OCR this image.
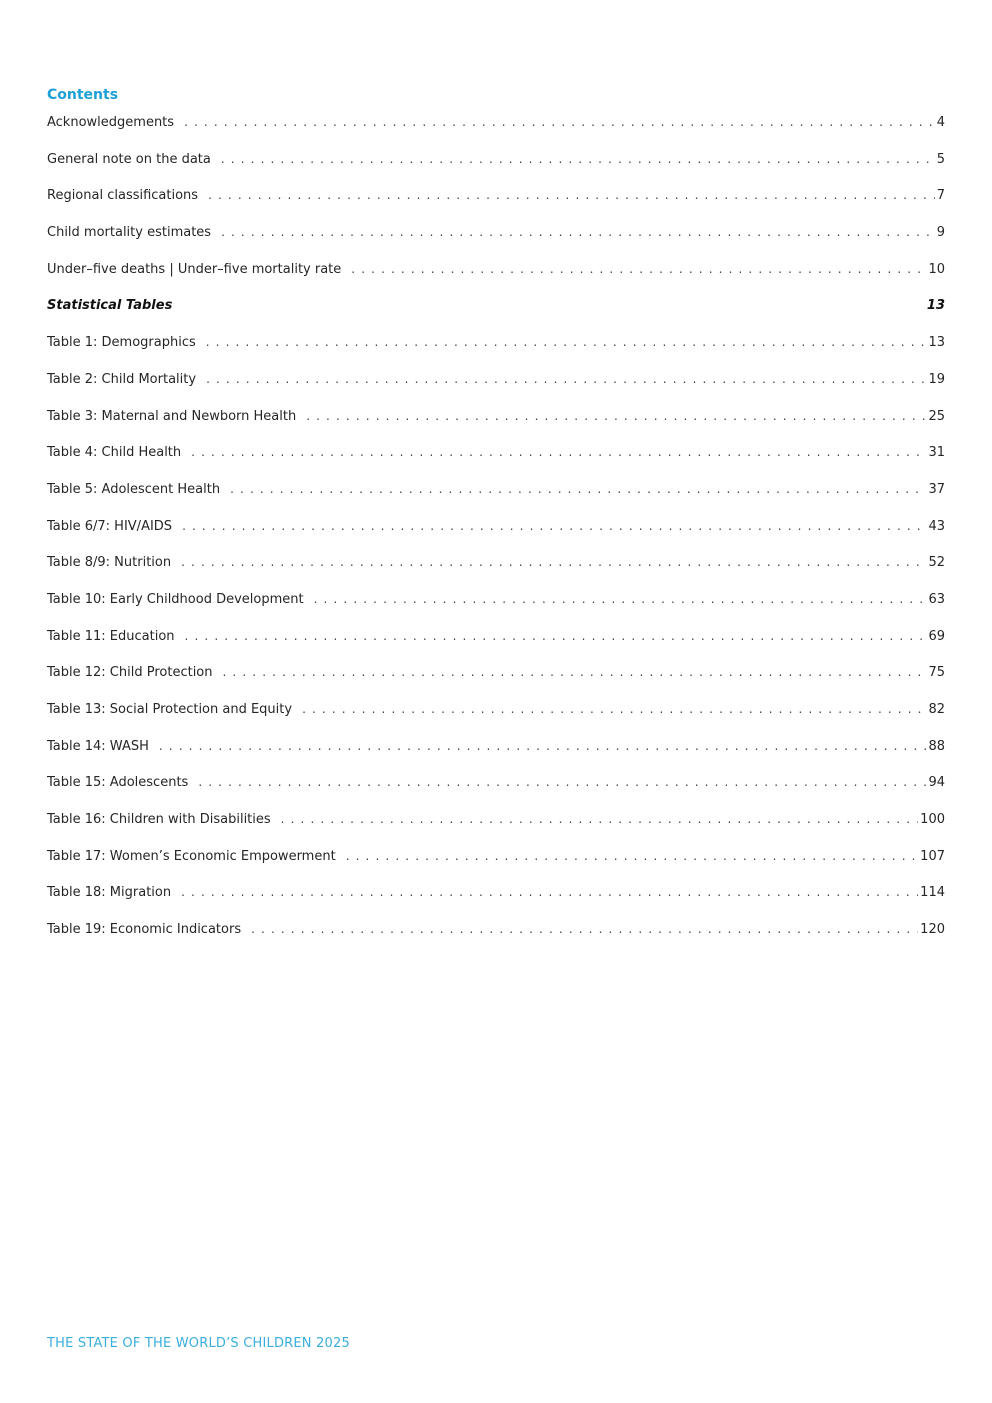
Contents
Acknowledgements . . .	4
General note on the data . . .	5
Regional classifications . . .	7
Child mortality estimates . . .	9
Under–five deaths | Under–five mortality rate . . .	10
Statistical Tables	13
Table 1: Demographics . . .	13
Table 2: Child Mortality . . .	19
Table 3: Maternal and Newborn Health . . .	25
Table 4: Child Health . . .	31
Table 5: Adolescent Health . . .	37
Table 6/7: HIV/AIDS . . .	43
Table 8/9: Nutrition . . .	52
Table 10: Early Childhood Development . . .	63
Table 11: Education . . .	69
Table 12: Child Protection . . .	75
Table 13: Social Protection and Equity . . .	82
Table 14: WASH . . .	88
Table 15: Adolescents . . .	94
Table 16: Children with Disabilities . . .	100
Table 17: Women’s Economic Empowerment . . .	107
Table 18: Migration . . .	114
Table 19: Economic Indicators . . .	120
THE STATE OF THE WORLD’S CHILDREN 2025
